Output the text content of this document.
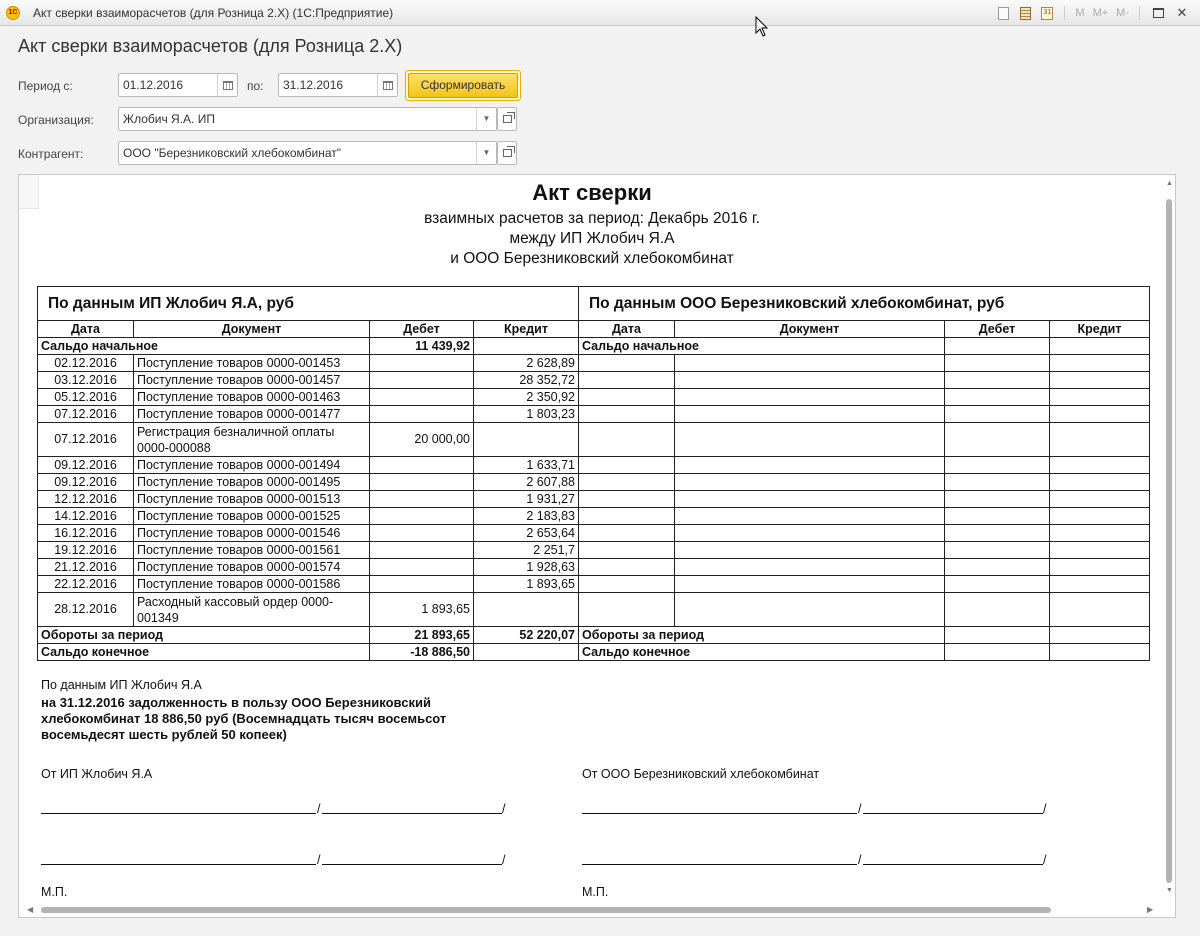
1С Акт сверки взаиморасчетов (для Розница 2.X) (1С:Предприятие)	31 M M+ M-	✕
Акт сверки взаиморасчетов (для Розница 2.X)
Период с:	01.12.2016	по:	31.12.2016	Сформировать
Организация:	Жлобич Я.А. ИП	▼
Контрагент:	ООО "Березниковский хлебокомбинат"	▼
Акт сверки
взаимных расчетов за период: Декабрь 2016 г.
между ИП Жлобич Я.А
и ООО Березниковский хлебокомбинат
По данным ИП Жлобич Я.А, руб				По данным ООО Березниковский хлебокомбинат, руб			
Дата	Документ	Дебет	Кредит	Дата	Документ	Дебет	Кредит
Сальдо начальное		11 439,92		Сальдо начальное			
02.12.2016	Поступление товаров 0000-001453		2 628,89				
03.12.2016	Поступление товаров 0000-001457		28 352,72				
05.12.2016	Поступление товаров 0000-001463		2 350,92				
07.12.2016	Поступление товаров 0000-001477		1 803,23				
07.12.2016	Регистрация безналичной оплаты 0000-000088	20 000,00					
09.12.2016	Поступление товаров 0000-001494		1 633,71				
09.12.2016	Поступление товаров 0000-001495		2 607,88				
12.12.2016	Поступление товаров 0000-001513		1 931,27				
14.12.2016	Поступление товаров 0000-001525		2 183,83				
16.12.2016	Поступление товаров 0000-001546		2 653,64				
19.12.2016	Поступление товаров 0000-001561		2 251,7				
21.12.2016	Поступление товаров 0000-001574		1 928,63				
22.12.2016	Поступление товаров 0000-001586		1 893,65				
28.12.2016	Расходный кассовый ордер 0000-001349	1 893,65					
Обороты за период		21 893,65	52 220,07	Обороты за период			
Сальдо конечное		-18 886,50		Сальдо конечное			
По данным ИП Жлобич Я.А
на 31.12.2016 задолженность в пользу ООО Березниковский хлебокомбинат 18 886,50 руб (Восемнадцать тысяч восемьсот восемьдесят шесть рублей 50 копеек)
От ИП Жлобич Я.А	От ООО Березниковский хлебокомбинат
/	/
/	/
/	/
/	/
М.П.	М.П.
▲
▼
◀	▶
